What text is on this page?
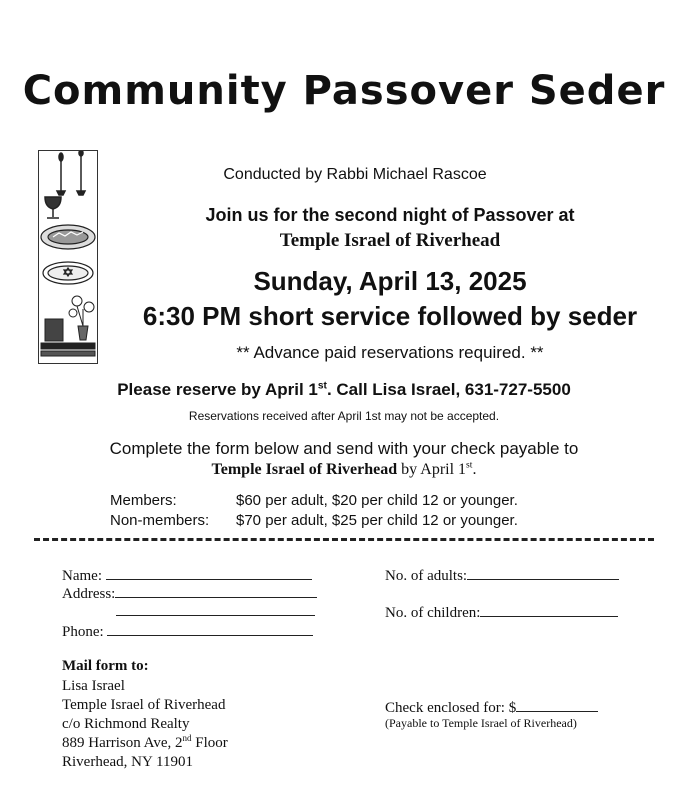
Community Passover Seder
Conducted by Rabbi Michael Rascoe
Join us for the second night of Passover at
Temple Israel of Riverhead
Sunday, April 13, 2025
6:30 PM short service followed by seder
** Advance paid reservations required. **
Please reserve by April 1st. Call Lisa Israel, 631-727-5500
Reservations received after April 1st may not be accepted.
Complete the form below and send with your check payable to
Temple Israel of Riverhead by April 1st.
Members:	$60 per adult, $20 per child 12 or younger.
Non-members: $70 per adult, $25 per child 12 or younger.
Name:
Address:
Phone:
No. of adults:
No. of children:
Mail form to:
Lisa Israel
Temple Israel of Riverhead
c/o Richmond Realty
889 Harrison Ave, 2nd Floor
Riverhead, NY 11901
Check enclosed for: $
(Payable to Temple Israel of Riverhead)
